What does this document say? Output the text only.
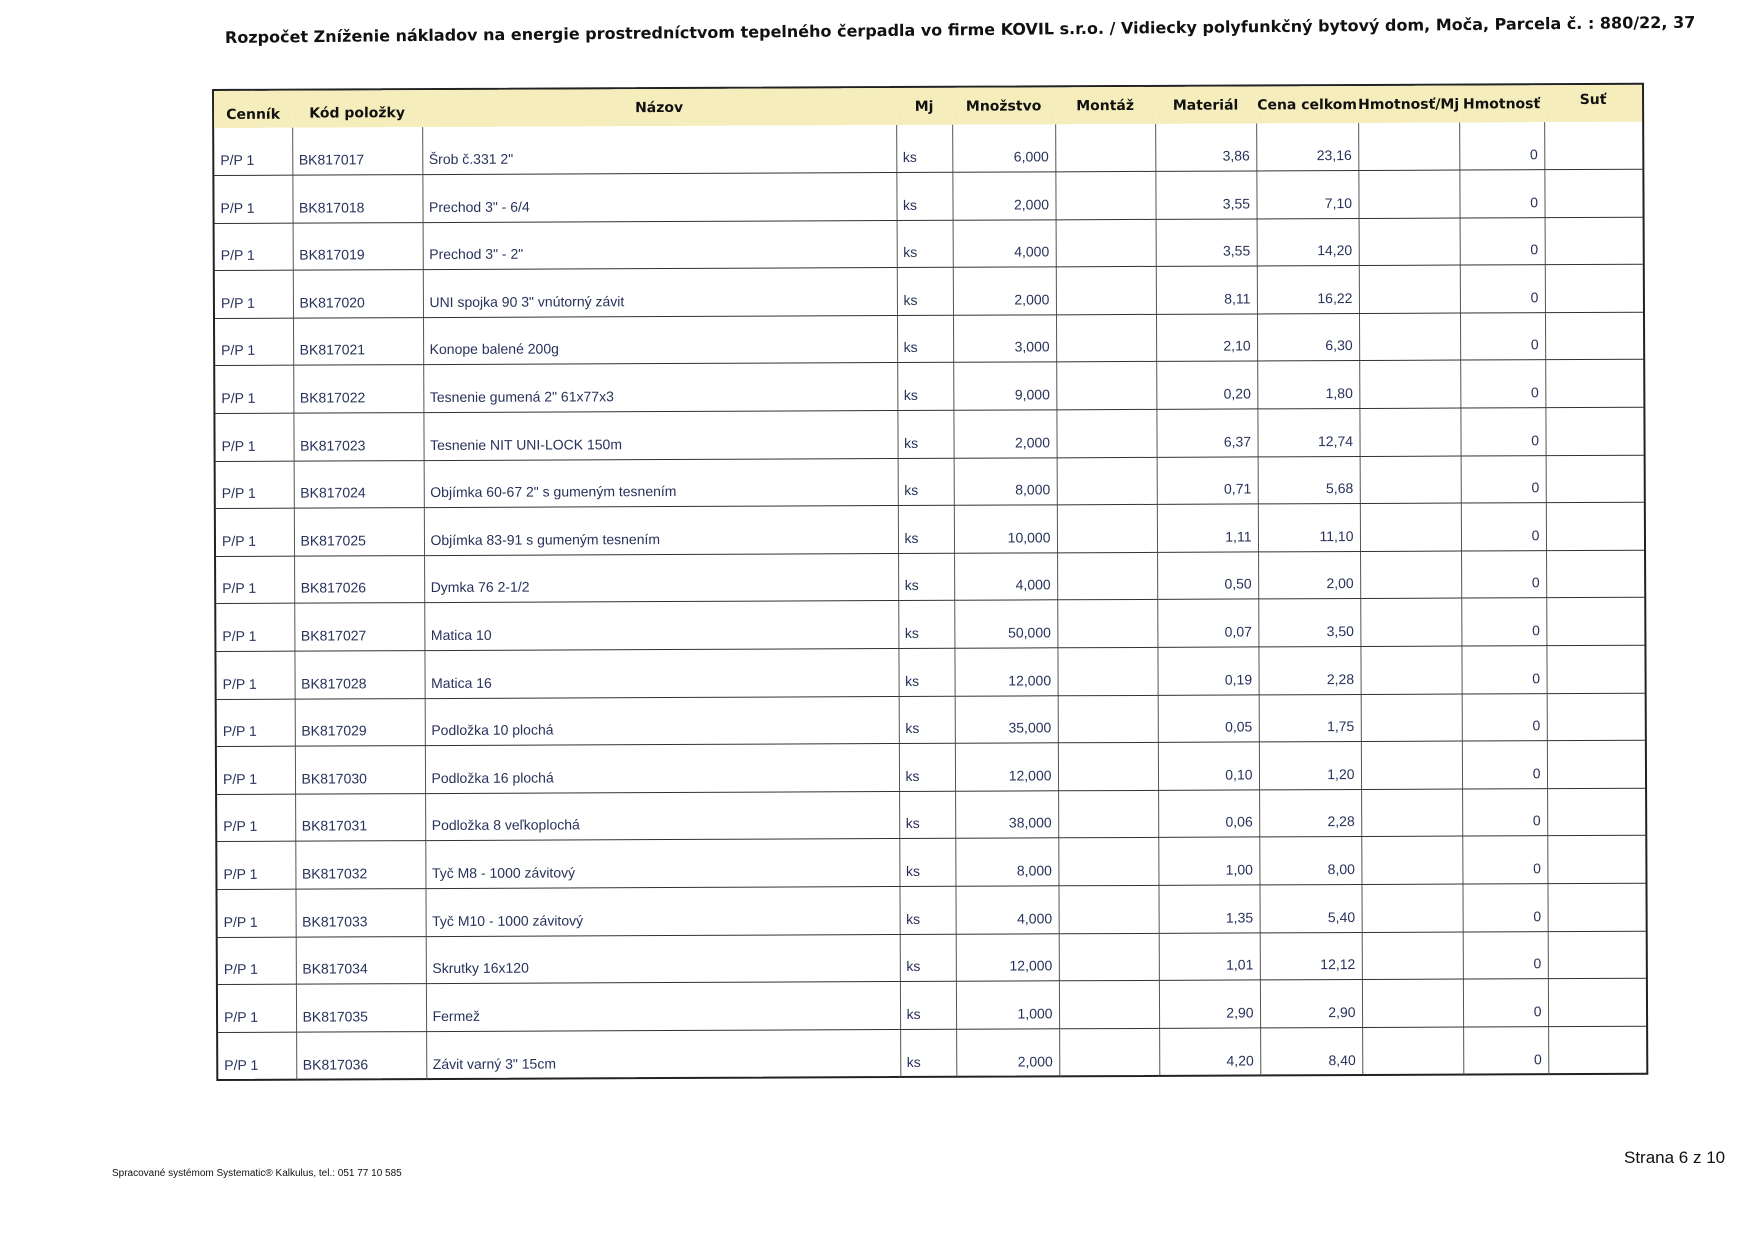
Rozpočet Zníženie nákladov na energie prostredníctvom tepelného čerpadla vo firme KOVIL s.r.o. / Vidiecky polyfunkčný bytový dom, Moča, Parcela č. : 880/22, 37
Cenník	Kód položky	Názov	Mj	Množstvo	Montáž	Materiál	Cena celkom	Hmotnosť/Mj	Hmotnosť	Suť
P/P 1	BK817017	Šrob č.331 2"	ks	6,000		3,86	23,16		0	
P/P 1	BK817018	Prechod 3" - 6/4	ks	2,000		3,55	7,10		0	
P/P 1	BK817019	Prechod 3" - 2"	ks	4,000		3,55	14,20		0	
P/P 1	BK817020	UNI spojka 90 3" vnútorný závit	ks	2,000		8,11	16,22		0	
P/P 1	BK817021	Konope balené 200g	ks	3,000		2,10	6,30		0	
P/P 1	BK817022	Tesnenie gumená 2" 61x77x3	ks	9,000		0,20	1,80		0	
P/P 1	BK817023	Tesnenie NIT UNI-LOCK 150m	ks	2,000		6,37	12,74		0	
P/P 1	BK817024	Objímka 60-67 2" s gumeným tesnením	ks	8,000		0,71	5,68		0	
P/P 1	BK817025	Objímka 83-91 s gumeným tesnením	ks	10,000		1,11	11,10		0	
P/P 1	BK817026	Dymka 76 2-1/2	ks	4,000		0,50	2,00		0	
P/P 1	BK817027	Matica 10	ks	50,000		0,07	3,50		0	
P/P 1	BK817028	Matica 16	ks	12,000		0,19	2,28		0	
P/P 1	BK817029	Podložka 10 plochá	ks	35,000		0,05	1,75		0	
P/P 1	BK817030	Podložka 16 plochá	ks	12,000		0,10	1,20		0	
P/P 1	BK817031	Podložka 8 veľkoplochá	ks	38,000		0,06	2,28		0	
P/P 1	BK817032	Tyč M8 - 1000 závitový	ks	8,000		1,00	8,00		0	
P/P 1	BK817033	Tyč M10 - 1000 závitový	ks	4,000		1,35	5,40		0	
P/P 1	BK817034	Skrutky 16x120	ks	12,000		1,01	12,12		0	
P/P 1	BK817035	Fermež	ks	1,000		2,90	2,90		0	
P/P 1	BK817036	Závit varný 3" 15cm	ks	2,000		4,20	8,40		0	
Spracované systémom Systematic® Kalkulus, tel.: 051 77 10 585
Strana 6 z 10
